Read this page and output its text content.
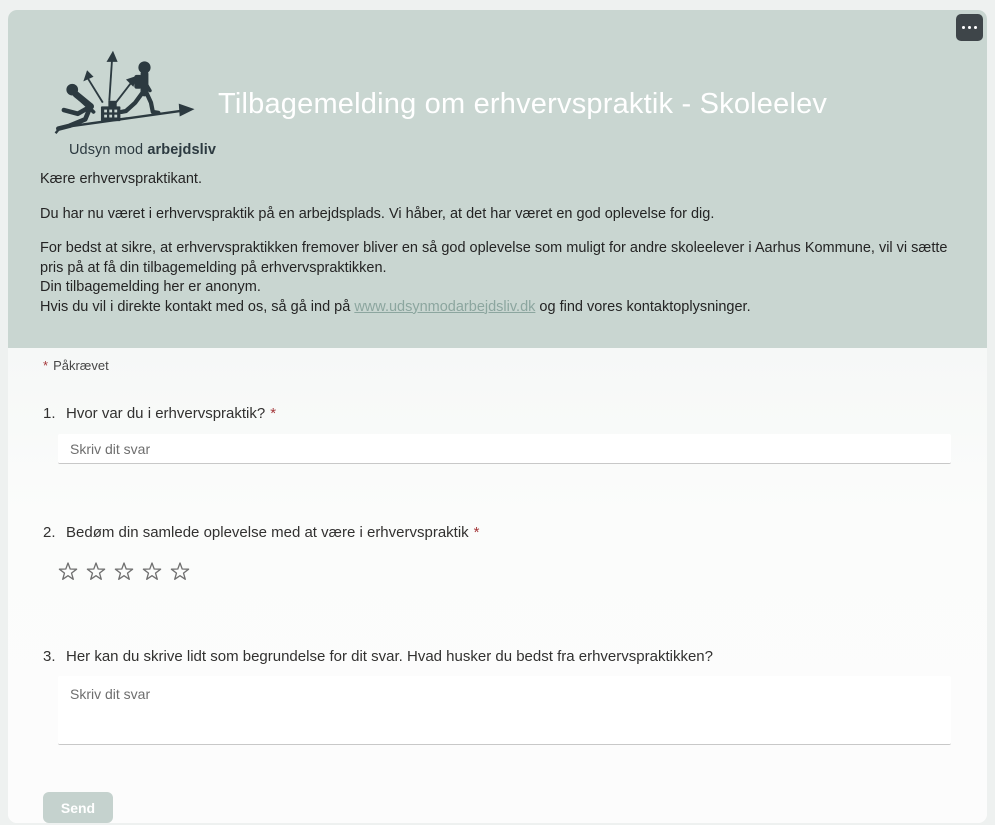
Udsyn mod arbejdsliv
Tilbagemelding om erhvervspraktik - Skoleelev

Kære erhvervspraktikant.

Du har nu været i erhvervspraktik på en arbejdsplads. Vi håber, at det har været en god oplevelse for dig.

For bedst at sikre, at erhvervspraktikken fremover bliver en så god oplevelse som muligt for andre skoleelever i Aarhus Kommune, vil vi sætte pris på at få din tilbagemelding på erhvervspraktikken.
Din tilbagemelding her er anonym.
Hvis du vil i direkte kontakt med os, så gå ind på www.udsynmodarbejdsliv.dk og find vores kontaktoplysninger.

* Påkrævet
1. Hvor var du i erhvervspraktik? *
Skriv dit svar
2. Bedøm din samlede oplevelse med at være i erhvervspraktik *
3. Her kan du skrive lidt som begrundelse for dit svar. Hvad husker du bedst fra erhvervspraktikken?
Skriv dit svar
Send
